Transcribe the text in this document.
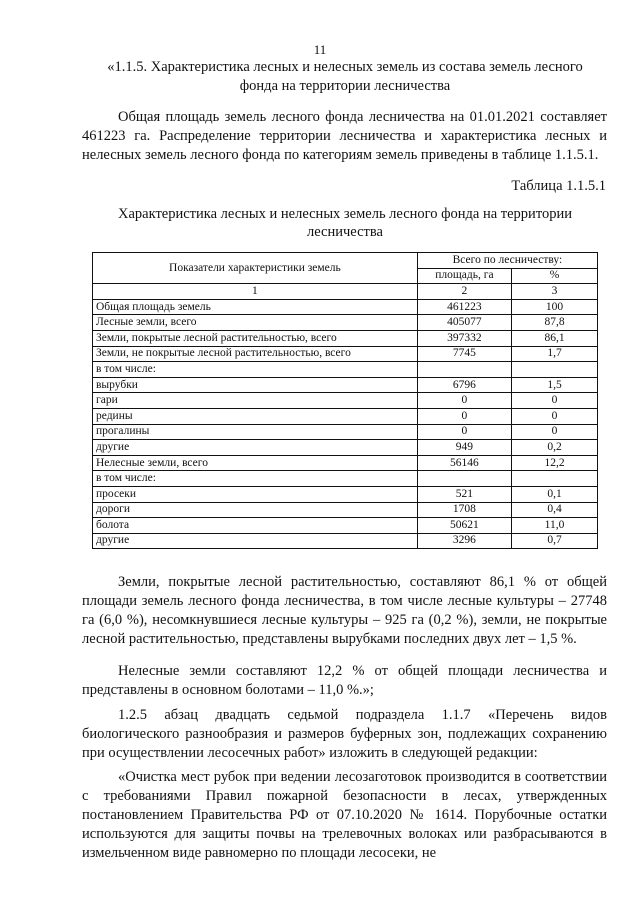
11
«1.1.5. Характеристика лесных и нелесных земель из состава земель лесного фонда на территории лесничества

Общая площадь земель лесного фонда лесничества на 01.01.2021 составляет 461223 га. Распределение территории лесничества и характеристика лесных и нелесных земель лесного фонда по категориям земель приведены в таблице 1.1.5.1.

Таблица 1.1.5.1
Характеристика лесных и нелесных земель лесного фонда на территории лесничества
Показатели характеристики земель	Всего по лесничеству:	
	площадь, га	%
1	2	3
Общая площадь земель	461223	100
Лесные земли, всего	405077	87,8
Земли, покрытые лесной растительностью, всего	397332	86,1
Земли, не покрытые лесной растительностью, всего	7745	1,7
в том числе:		
вырубки	6796	1,5
гари	0	0
редины	0	0
прогалины	0	0
другие	949	0,2
Нелесные земли, всего	56146	12,2
в том числе:		
просеки	521	0,1
дороги	1708	0,4
болота	50621	11,0
другие	3296	0,7

Земли, покрытые лесной растительностью, составляют 86,1 % от общей площади земель лесного фонда лесничества, в том числе лесные культуры – 27748 га (6,0 %), несомкнувшиеся лесные культуры – 925 га (0,2 %), земли, не покрытые лесной растительностью, представлены вырубками последних двух лет – 1,5 %.

Нелесные земли составляют 12,2 % от общей площади лесничества и представлены в основном болотами – 11,0 %.»;

1.2.5 абзац двадцать седьмой подраздела 1.1.7 «Перечень видов биологического разнообразия и размеров буферных зон, подлежащих сохранению при осуществлении лесосечных работ» изложить в следующей редакции:

«Очистка мест рубок при ведении лесозаготовок производится в соответствии с требованиями Правил пожарной безопасности в лесах, утвержденных постановлением Правительства РФ от 07.10.2020 № 1614. Порубочные остатки используются для защиты почвы на трелевочных волоках или разбрасываются в измельченном виде равномерно по площади лесосеки, не
